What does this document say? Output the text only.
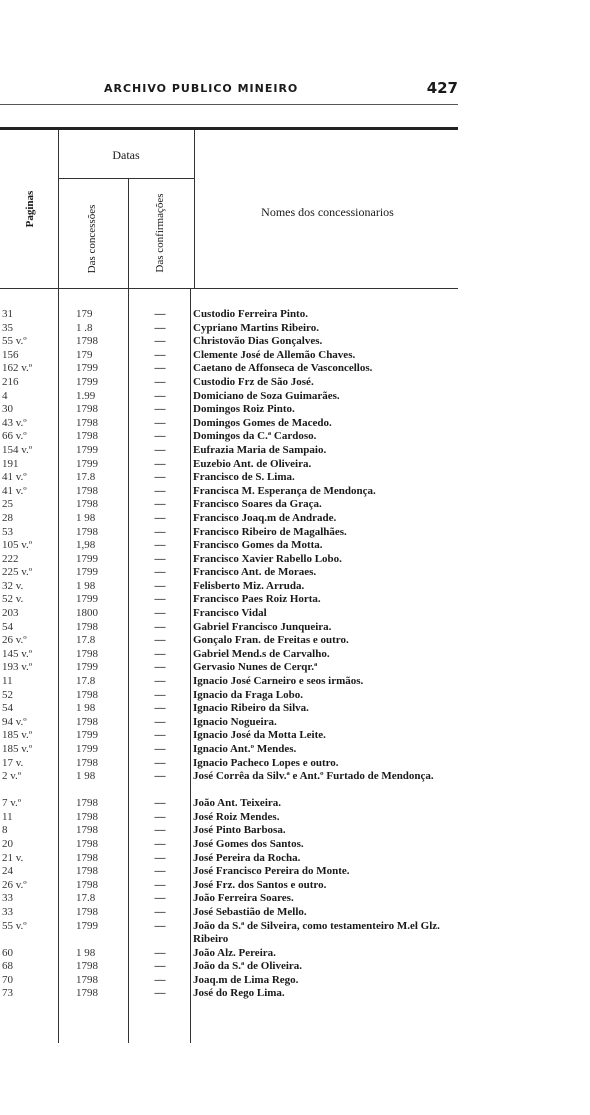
ARCHIVO PUBLICO MINEIRO	427
Paginas
Datas
Das concessões	Das confirmações	Nomes dos concessionarios
31	179	—	Custodio Ferreira Pinto.
35	1 .8	—	Cypriano Martins Ribeiro.
55 v.º	1798	—	Christovão Dias Gonçalves.
156	179	—	Clemente José de Allemão Chaves.
162 v.º	1799	—	Caetano de Affonseca de Vasconcellos.
216	1799	—	Custodio Frz de São José.
4	1.99	—	Domiciano de Soza Guimarães.
30	1798	—	Domingos Roiz Pinto.
43 v.º	1798	—	Domingos Gomes de Macedo.
66 v.º	1798	—	Domingos da C.ª Cardoso.
154 v.º	1799	—	Eufrazia Maria de Sampaio.
191	1799	—	Euzebio Ant. de Oliveira.
41 v.º	17.8	—	Francisco de S. Lima.
41 v.º	1798	—	Francisca M. Esperança de Mendonça.
25	1798	—	Francisco Soares da Graça.
28	1 98	—	Francisco Joaq.m de Andrade.
53	1798	—	Francisco Ribeiro de Magalhães.
105 v.º	1,98	—	Francisco Gomes da Motta.
222	1799	—	Francisco Xavier Rabello Lobo.
225 v.º	1799	—	Francisco Ant. de Moraes.
32 v.	1 98	—	Felisberto Miz. Arruda.
52 v.	1799	—	Francisco Paes Roiz Horta.
203	1800	—	Francisco Vidal
54	1798	—	Gabriel Francisco Junqueira.
26 v.º	17.8	—	Gonçalo Fran. de Freitas e outro.
145 v.º	1798	—	Gabriel Mend.s de Carvalho.
193 v.º	1799	—	Gervasio Nunes de Cerqr.ª
11	17.8	—	Ignacio José Carneiro e seos irmãos.
52	1798	—	Ignacio da Fraga Lobo.
54	1 98	—	Ignacio Ribeiro da Silva.
94 v.º	1798	—	Ignacio Nogueira.
185 v.º	1799	—	Ignacio José da Motta Leite.
185 v.º	1799	—	Ignacio Ant.º Mendes.
17 v.	1798	—	Ignacio Pacheco Lopes e outro.
2 v.º	1 98	—	José Corrêa da Silv.ª e Ant.º Furtado de Mendonça.
7 v.º	1798	—	João Ant. Teixeira.
11	1798	—	José Roiz Mendes.
8	1798	—	José Pinto Barbosa.
20	1798	—	José Gomes dos Santos.
21 v.	1798	—	José Pereira da Rocha.
24	1798	—	José Francisco Pereira do Monte.
26 v.º	1798	—	José Frz. dos Santos e outro.
33	17.8	—	João Ferreira Soares.
33	1798	—	José Sebastião de Mello.
55 v.º	1799	—	João da S.ª de Silveira, como testamenteiro M.el Glz. Ribeiro
60	1 98	—	João Alz. Pereira.
68	1798	—	João da S.ª de Oliveira.
70	1798	—	Joaq.m de Lima Rego.
73	1798	—	José do Rego Lima.
